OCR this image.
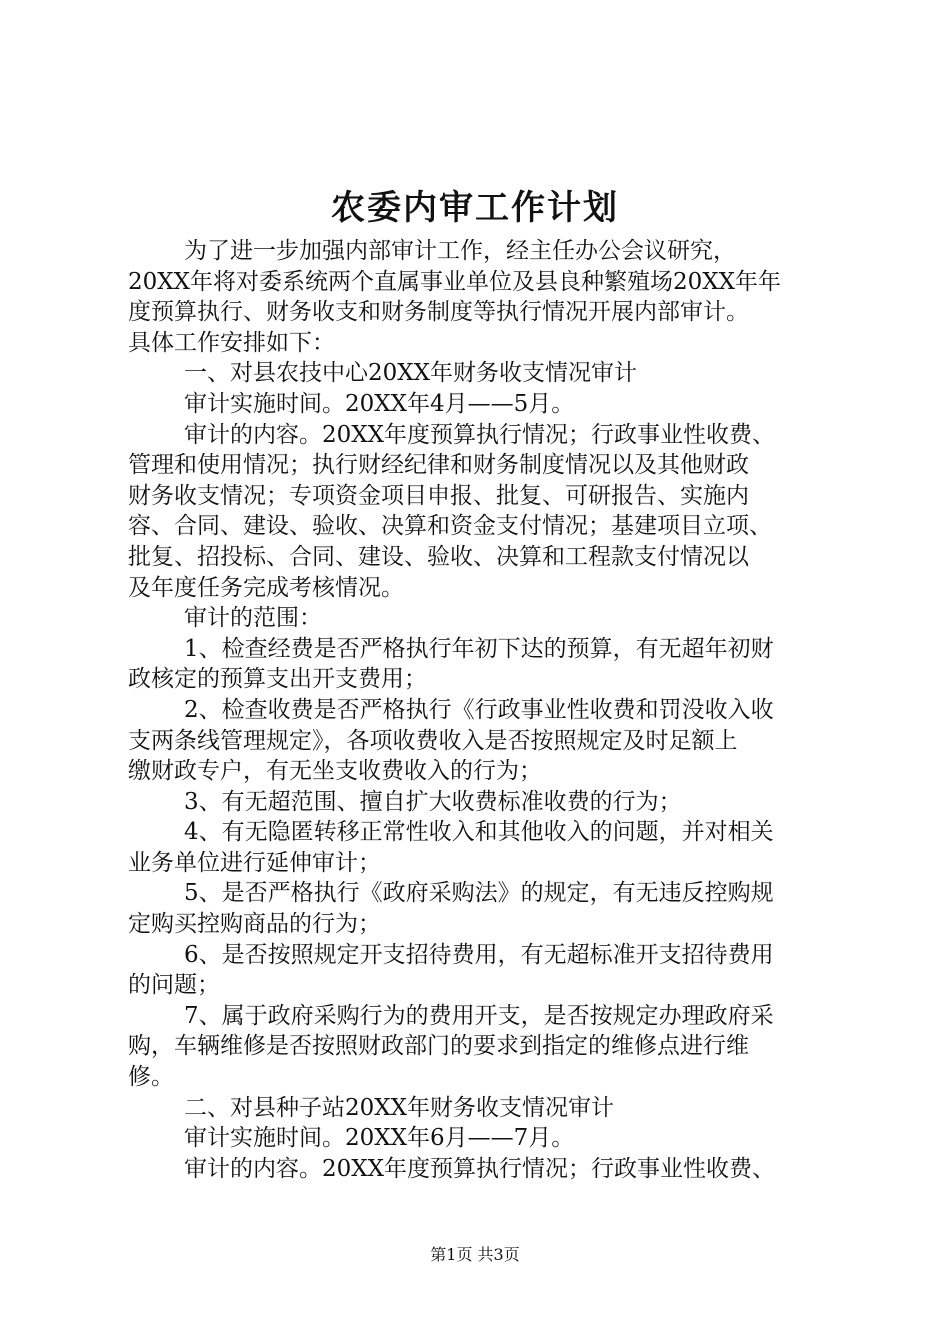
农委内审工作计划
为了进一步加强内部审计工作，经主任办公会议研究，
20XX年将对委系统两个直属事业单位及县良种繁殖场20XX年年
度预算执行、财务收支和财务制度等执行情况开展内部审计。
具体工作安排如下：
一、对县农技中心20XX年财务收支情况审计
审计实施时间。20XX年4月——5月。
审计的内容。20XX年度预算执行情况；行政事业性收费、
管理和使用情况；执行财经纪律和财务制度情况以及其他财政
财务收支情况；专项资金项目申报、批复、可研报告、实施内
容、合同、建设、验收、决算和资金支付情况；基建项目立项、
批复、招投标、合同、建设、验收、决算和工程款支付情况以
及年度任务完成考核情况。
审计的范围：
1、检查经费是否严格执行年初下达的预算，有无超年初财
政核定的预算支出开支费用；
2、检查收费是否严格执行《行政事业性收费和罚没收入收
支两条线管理规定》，各项收费收入是否按照规定及时足额上
缴财政专户，有无坐支收费收入的行为；
3、有无超范围、擅自扩大收费标准收费的行为；
4、有无隐匿转移正常性收入和其他收入的问题，并对相关
业务单位进行延伸审计；
5、是否严格执行《政府采购法》的规定，有无违反控购规
定购买控购商品的行为；
6、是否按照规定开支招待费用，有无超标准开支招待费用
的问题；
7、属于政府采购行为的费用开支，是否按规定办理政府采
购，车辆维修是否按照财政部门的要求到指定的维修点进行维
修。
二、对县种子站20XX年财务收支情况审计
审计实施时间。20XX年6月——7月。
审计的内容。20XX年度预算执行情况；行政事业性收费、
第1页 共3页
